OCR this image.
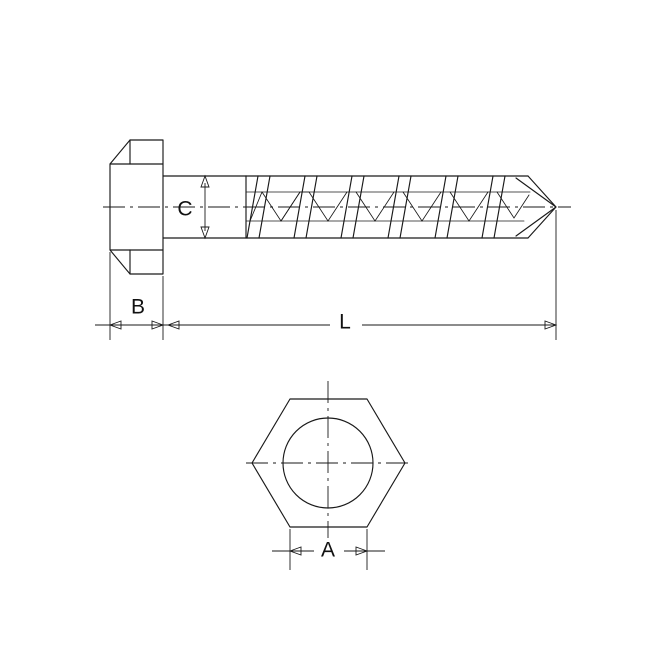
C
B
L
A
